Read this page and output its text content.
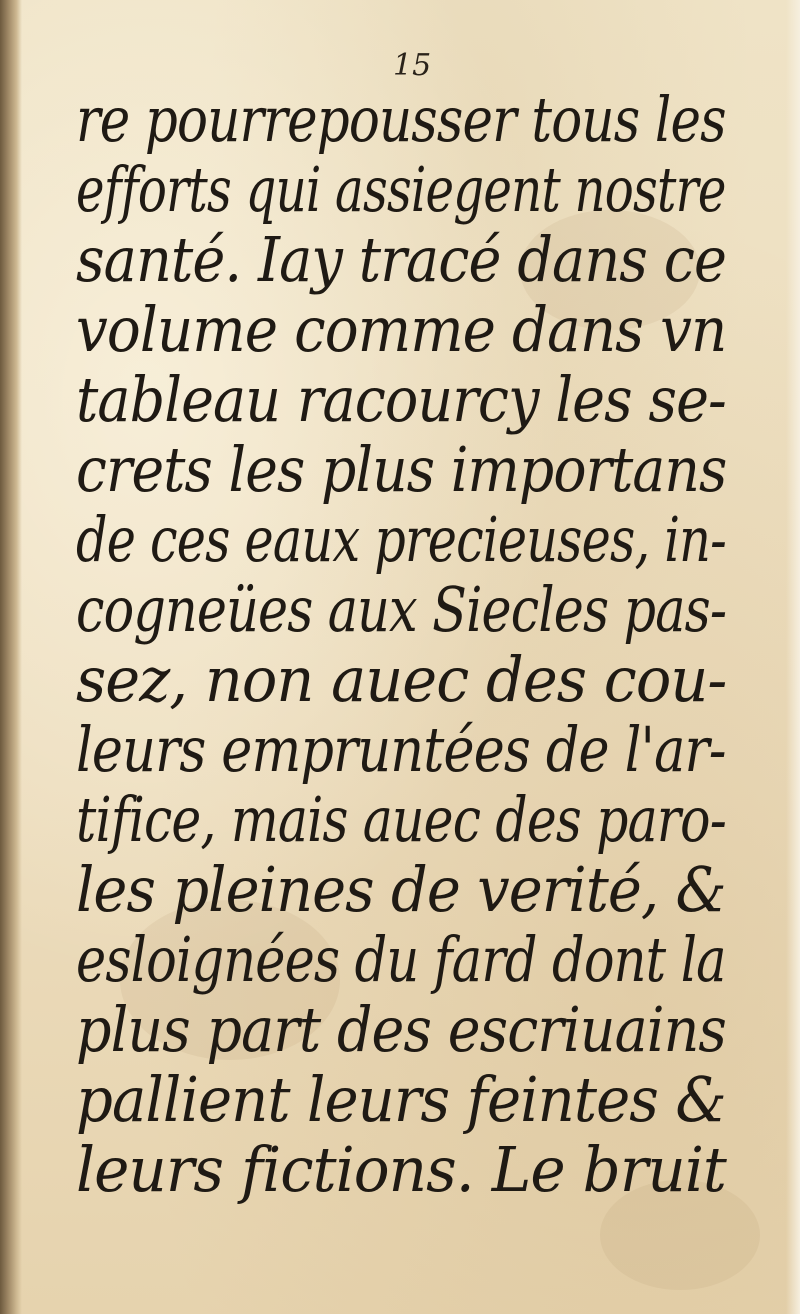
15

re pourrepousser tous les

efforts qui assiegent nostre

santé. Iay tracé dans ce

volume comme dans vn

tableau racourcy les se-

crets les plus importans

de ces eaux precieuses, in-

cogneües aux Siecles pas-

sez, non auec des cou-

leurs empruntées de l'ar-

tifice, mais auec des paro-

les pleines de verité, &

esloignées du fard dont la

plus part des escriuains

pallient leurs feintes &

leurs fictions. Le bruit
